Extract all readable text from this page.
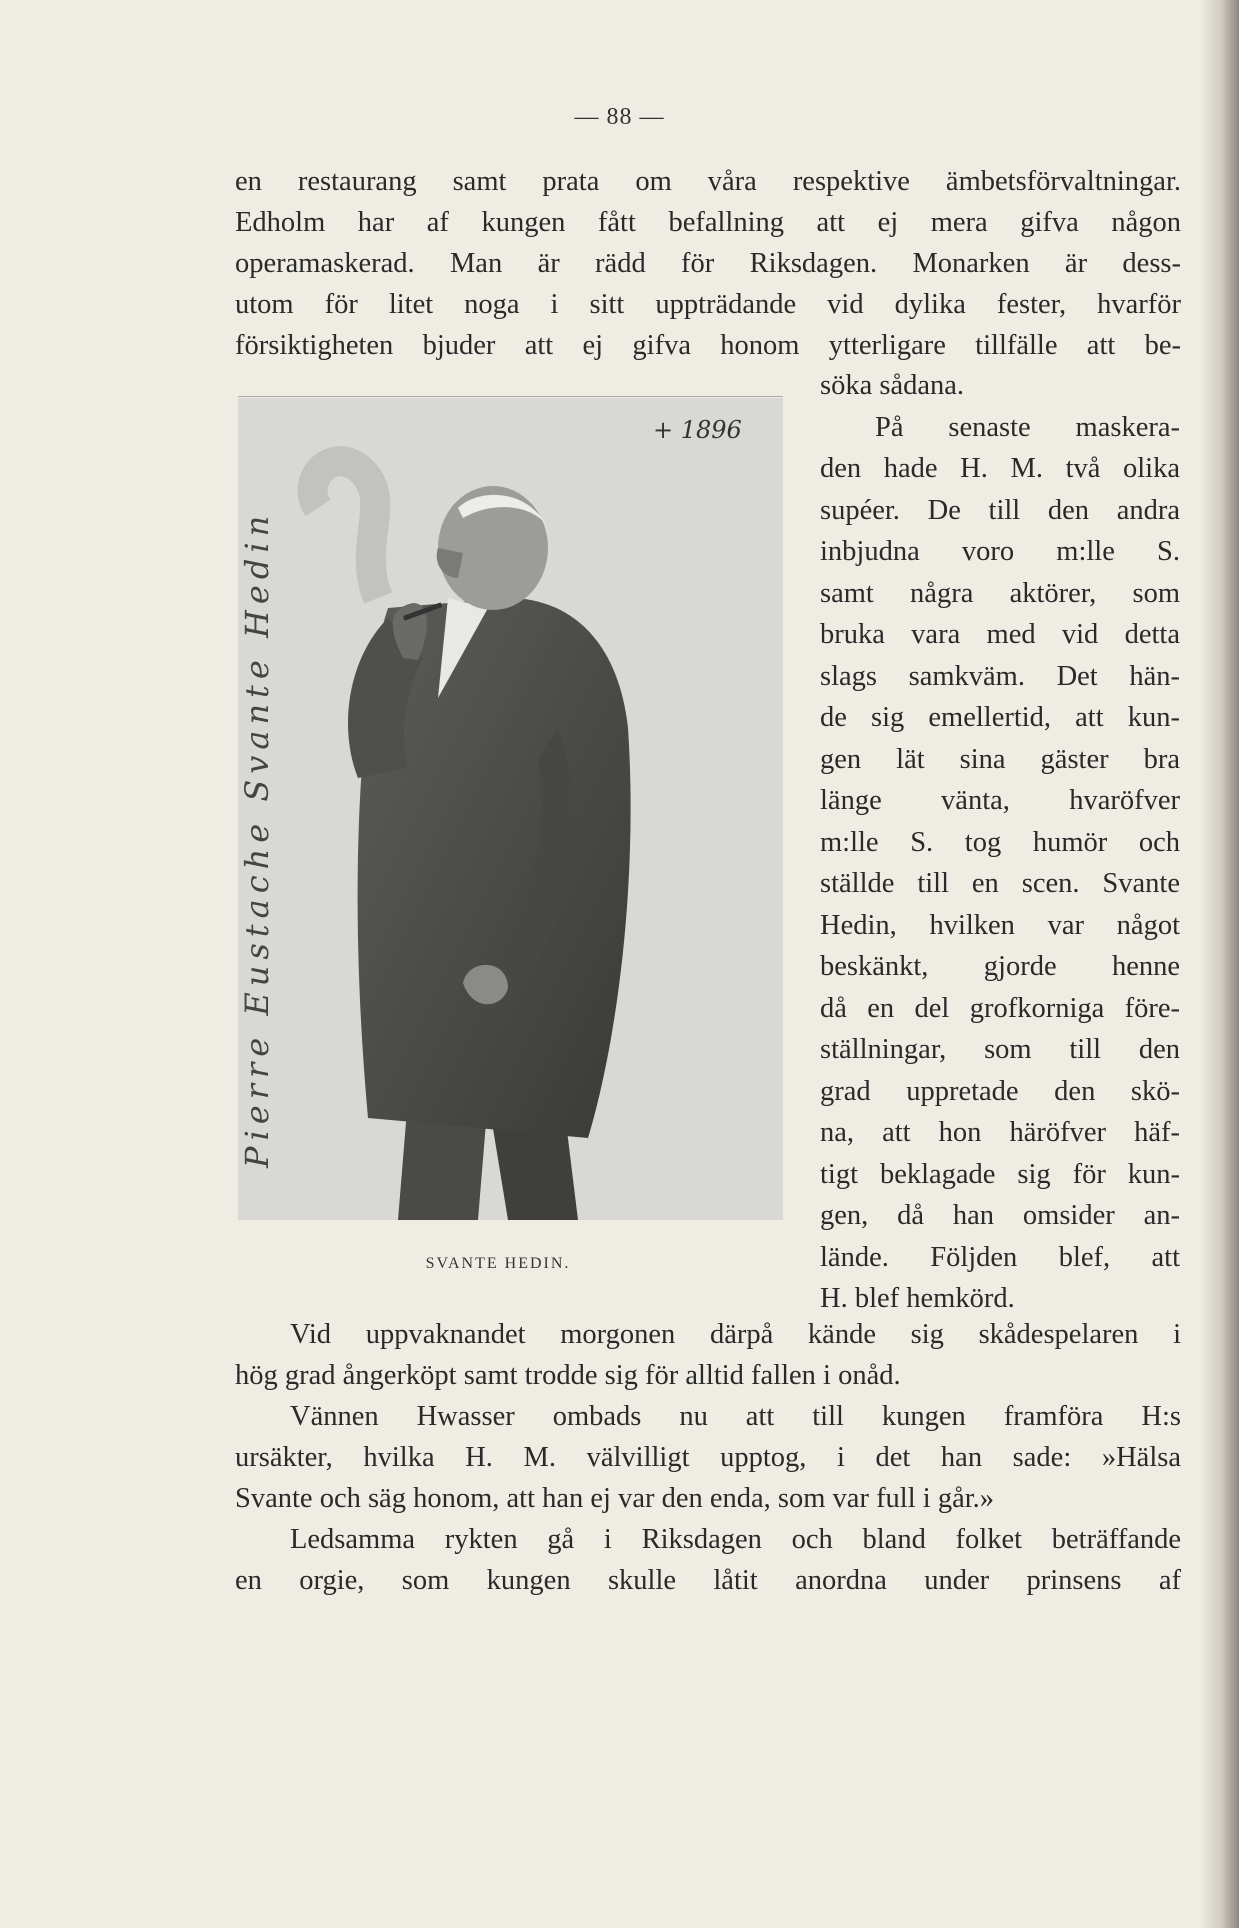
— 88 —
en restaurang samt prata om våra respektive ämbetsförvaltningar.
Edholm har af kungen fått befallning att ej mera gifva någon
operamaskerad. Man är rädd för Riksdagen. Monarken är dess-
utom för litet noga i sitt uppträdande vid dylika fester, hvarför
försiktigheten bjuder att ej gifva honom ytterligare tillfälle att be-
+ 1896
Pierre Eustache Svante Hedin
SVANTE HEDIN.
söka sådana.
På senaste maskera-
den hade H. M. två olika
supéer. De till den andra
inbjudna voro m:lle S.
samt några aktörer, som
bruka vara med vid detta
slags samkväm. Det hän-
de sig emellertid, att kun-
gen lät sina gäster bra
länge vänta, hvaröfver
m:lle S. tog humör och
ställde till en scen. Svante
Hedin, hvilken var något
beskänkt, gjorde henne
då en del grofkorniga före-
ställningar, som till den
grad uppretade den skö-
na, att hon häröfver häf-
tigt beklagade sig för kun-
gen, då han omsider an-
lände. Följden blef, att
H. blef hemkörd.
Vid uppvaknandet morgonen därpå kände sig skådespelaren i
hög grad ångerköpt samt trodde sig för alltid fallen i onåd.
Vännen Hwasser ombads nu att till kungen framföra H:s
ursäkter, hvilka H. M. välvilligt upptog, i det han sade: »Hälsa
Svante och säg honom, att han ej var den enda, som var full i går.»
Ledsamma rykten gå i Riksdagen och bland folket beträffande
en orgie, som kungen skulle låtit anordna under prinsens af
